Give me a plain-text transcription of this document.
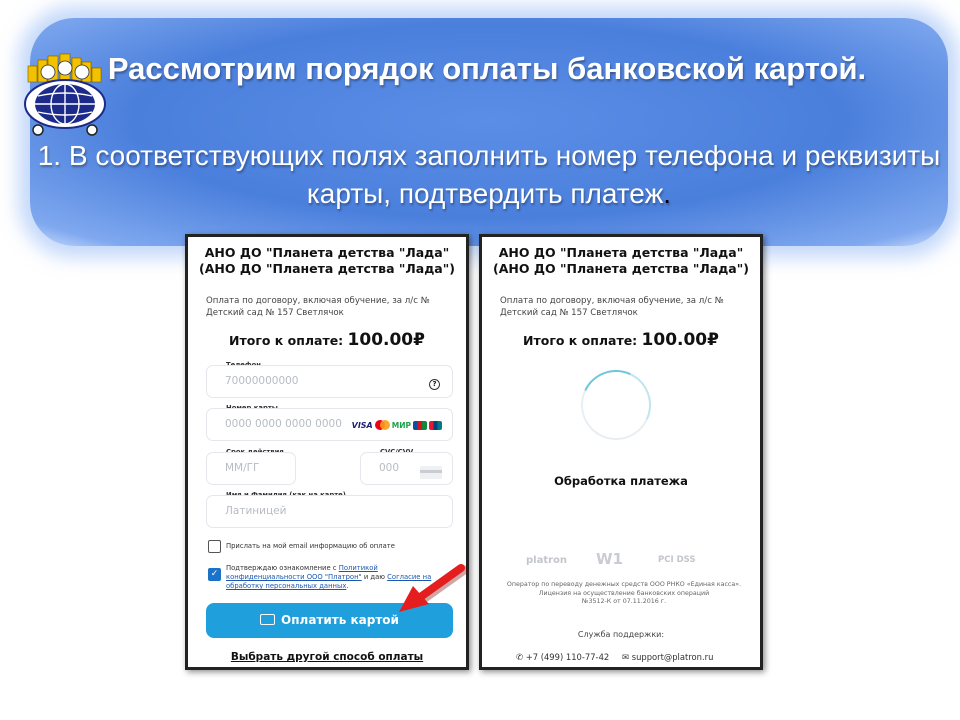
Рассмотрим порядок оплаты банковской картой.
1. В соответствующих полях заполнить номер телефона и реквизиты карты, подтвердить платеж.
АНО ДО "Планета детства "Лада"
(АНО ДО "Планета детства "Лада")
Оплата по договору, включая обучение, за л/с № Детский сад № 157 Светлячок
Итого к оплате: 100.00₽
70000000000	?
0000 0000 0000 0000 VISA	МИР
ММ/ГГ	000
Латиницей
Прислать на мой email информацию об оплате
✓
Подтверждаю ознакомление с Политикой конфиденциальности ООО "Платрон" и даю Согласие на обработку персональных данных.
Оплатить картой
Выбрать другой способ оплаты
АНО ДО "Планета детства "Лада"
(АНО ДО "Планета детства "Лада")
Оплата по договору, включая обучение, за л/с № Детский сад № 157 Светлячок
Итого к оплате: 100.00₽
Обработка платежа
platron W1	PCI DSS
Оператор по переводу денежных средств ООО РНКО «Единая касса».
Лицензия на осуществление банковских операций
№3512-К от 07.11.2016 г.
Служба поддержки:
✆ +7 (499) 110-77-42 ✉ support@platron.ru
